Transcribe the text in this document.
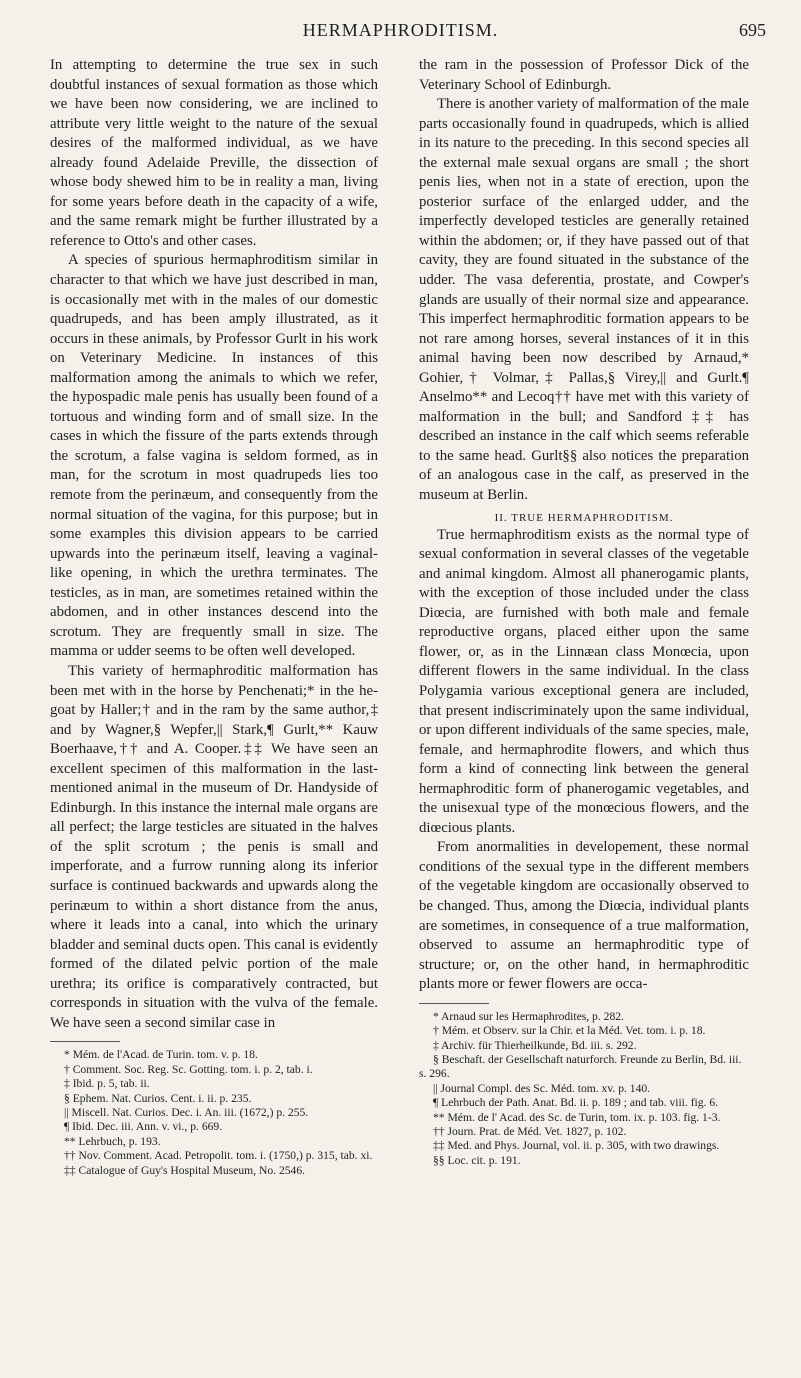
HERMAPHRODITISM.	695

In attempting to determine the true sex in such doubtful instances of sexual formation as those which we have been now considering, we are inclined to attribute very little weight to the nature of the sexual desires of the malformed individual, as we have already found Adelaide Preville, the dissection of whose body shewed him to be in reality a man, living for some years before death in the capacity of a wife, and the same remark might be further illustrated by a reference to Otto's and other cases.

A species of spurious hermaphroditism similar in character to that which we have just described in man, is occasionally met with in the males of our domestic quadrupeds, and has been amply illustrated, as it occurs in these animals, by Professor Gurlt in his work on Veterinary Medicine. In instances of this malformation among the animals to which we refer, the hypospadic male penis has usually been found of a tortuous and winding form and of small size. In the cases in which the fissure of the parts extends through the scrotum, a false vagina is seldom formed, as in man, for the scrotum in most quadrupeds lies too remote from the perinæum, and consequently from the normal situation of the vagina, for this purpose; but in some examples this division appears to be carried upwards into the perinæum itself, leaving a vaginal-like opening, in which the urethra terminates. The testicles, as in man, are sometimes retained within the abdomen, and in other instances descend into the scrotum. They are frequently small in size. The mamma or udder seems to be often well developed.

This variety of hermaphroditic malformation has been met with in the horse by Penchenati;* in the he-goat by Haller;† and in the ram by the same author,‡ and by Wagner,§ Wepfer,|| Stark,¶ Gurlt,** Kauw Boerhaave,†† and A. Cooper.‡‡ We have seen an excellent specimen of this malformation in the last-mentioned animal in the museum of Dr. Handyside of Edinburgh. In this instance the internal male organs are all perfect; the large testicles are situated in the halves of the split scrotum ; the penis is small and imperforate, and a furrow running along its inferior surface is continued backwards and upwards along the perinæum to within a short distance from the anus, where it leads into a canal, into which the urinary bladder and seminal ducts open. This canal is evidently formed of the dilated pelvic portion of the male urethra; its orifice is comparatively contracted, but corresponds in situation with the vulva of the female. We have seen a second similar case in

* Mém. de l'Acad. de Turin. tom. v. p. 18.

† Comment. Soc. Reg. Sc. Gotting. tom. i. p. 2, tab. i.

‡ Ibid. p. 5, tab. ii.

§ Ephem. Nat. Curios. Cent. i. ii. p. 235.

|| Miscell. Nat. Curios. Dec. i. An. iii. (1672,) p. 255.

¶ Ibid. Dec. iii. Ann. v. vi., p. 669.

** Lehrbuch, p. 193.

†† Nov. Comment. Acad. Petropolit. tom. i. (1750,) p. 315, tab. xi.

‡‡ Catalogue of Guy's Hospital Museum, No. 2546.

the ram in the possession of Professor Dick of the Veterinary School of Edinburgh.

There is another variety of malformation of the male parts occasionally found in quadrupeds, which is allied in its nature to the preceding. In this second species all the external male sexual organs are small ; the short penis lies, when not in a state of erection, upon the posterior surface of the enlarged udder, and the imperfectly developed testicles are generally retained within the abdomen; or, if they have passed out of that cavity, they are found situated in the substance of the udder. The vasa deferentia, prostate, and Cowper's glands are usually of their normal size and appearance. This imperfect hermaphroditic formation appears to be not rare among horses, several instances of it in this animal having been now described by Arnaud,* Gohier,† Volmar,‡ Pallas,§ Virey,|| and Gurlt.¶ Anselmo** and Lecoq†† have met with this variety of malformation in the bull; and Sandford ‡‡ has described an instance in the calf which seems referable to the same head. Gurlt§§ also notices the preparation of an analogous case in the calf, as preserved in the museum at Berlin.

II. TRUE HERMAPHRODITISM.

True hermaphroditism exists as the normal type of sexual conformation in several classes of the vegetable and animal kingdom. Almost all phanerogamic plants, with the exception of those included under the class Diœcia, are furnished with both male and female reproductive organs, placed either upon the same flower, or, as in the Linnæan class Monœcia, upon different flowers in the same individual. In the class Polygamia various exceptional genera are included, that present indiscriminately upon the same individual, or upon different individuals of the same species, male, female, and hermaphrodite flowers, and which thus form a kind of connecting link between the general hermaphroditic form of phanerogamic vegetables, and the unisexual type of the monœcious flowers, and the diœcious plants.

From anormalities in developement, these normal conditions of the sexual type in the different members of the vegetable kingdom are occasionally observed to be changed. Thus, among the Diœcia, individual plants are sometimes, in consequence of a true malformation, observed to assume an hermaphroditic type of structure; or, on the other hand, in hermaphroditic plants more or fewer flowers are occa-

* Arnaud sur les Hermaphrodites, p. 282.

† Mém. et Observ. sur la Chir. et la Méd. Vet. tom. i. p. 18.

‡ Archiv. für Thierheilkunde, Bd. iii. s. 292.

§ Beschaft. der Gesellschaft naturforch. Freunde zu Berlin, Bd. iii. s. 296.

|| Journal Compl. des Sc. Méd. tom. xv. p. 140.

¶ Lehrbuch der Path. Anat. Bd. ii. p. 189 ; and tab. viii. fig. 6.

** Mém. de l' Acad. des Sc. de Turin, tom. ix. p. 103. fig. 1-3.

†† Journ. Prat. de Méd. Vet. 1827, p. 102.

‡‡ Med. and Phys. Journal, vol. ii. p. 305, with two drawings.

§§ Loc. cit. p. 191.
